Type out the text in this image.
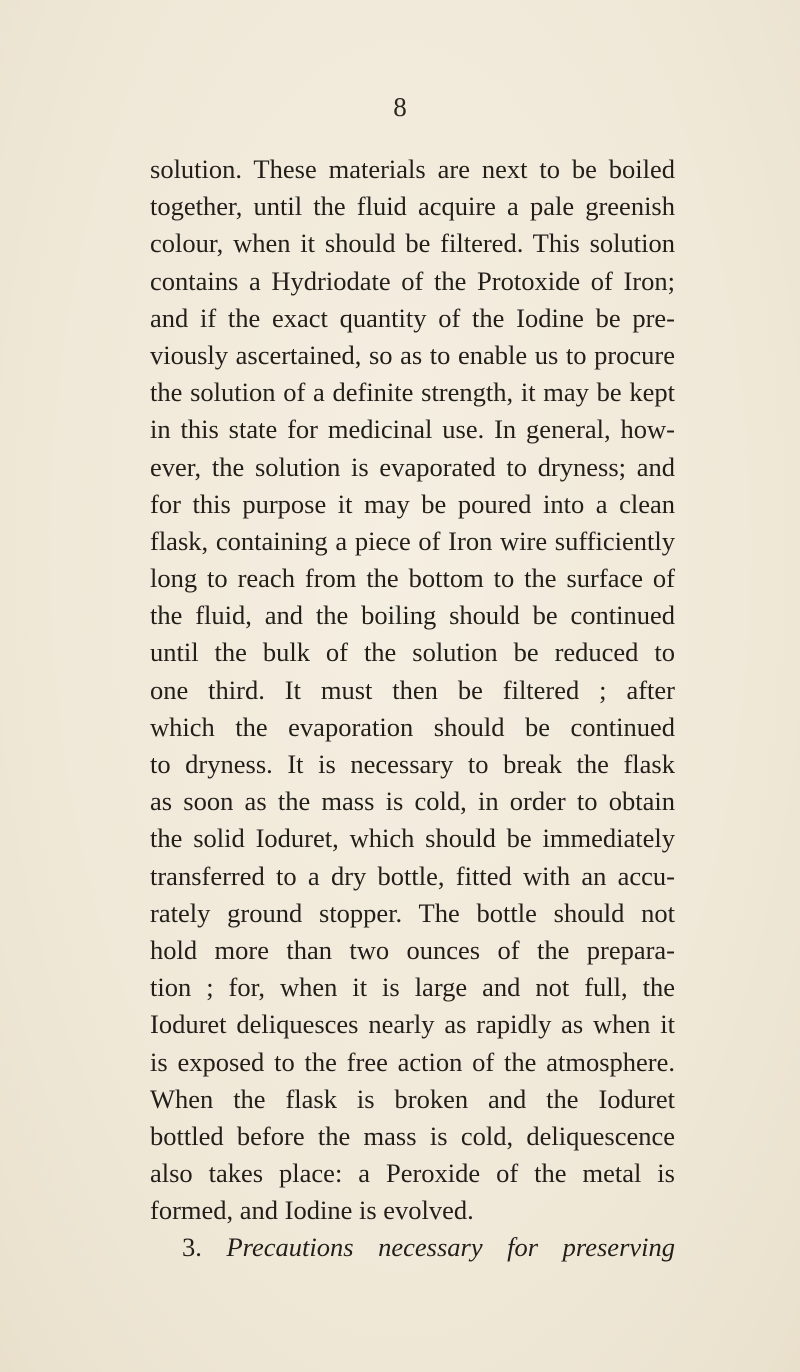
8
solution. These materials are next to be boiled
together, until the fluid acquire a pale greenish
colour, when it should be filtered. This solution
contains a Hydriodate of the Protoxide of Iron;
and if the exact quantity of the Iodine be pre-
viously ascertained, so as to enable us to procure
the solution of a definite strength, it may be kept
in this state for medicinal use. In general, how-
ever, the solution is evaporated to dryness; and
for this purpose it may be poured into a clean
flask, containing a piece of Iron wire sufficiently
long to reach from the bottom to the surface of
the fluid, and the boiling should be continued
until the bulk of the solution be reduced to
one third. It must then be filtered ; after
which the evaporation should be continued
to dryness. It is necessary to break the flask
as soon as the mass is cold, in order to obtain
the solid Ioduret, which should be immediately
transferred to a dry bottle, fitted with an accu-
rately ground stopper. The bottle should not
hold more than two ounces of the prepara-
tion ; for, when it is large and not full, the
Ioduret deliquesces nearly as rapidly as when it
is exposed to the free action of the atmosphere.
When the flask is broken and the Ioduret
bottled before the mass is cold, deliquescence
also takes place: a Peroxide of the metal is
formed, and Iodine is evolved.
3. Precautions necessary for preserving
